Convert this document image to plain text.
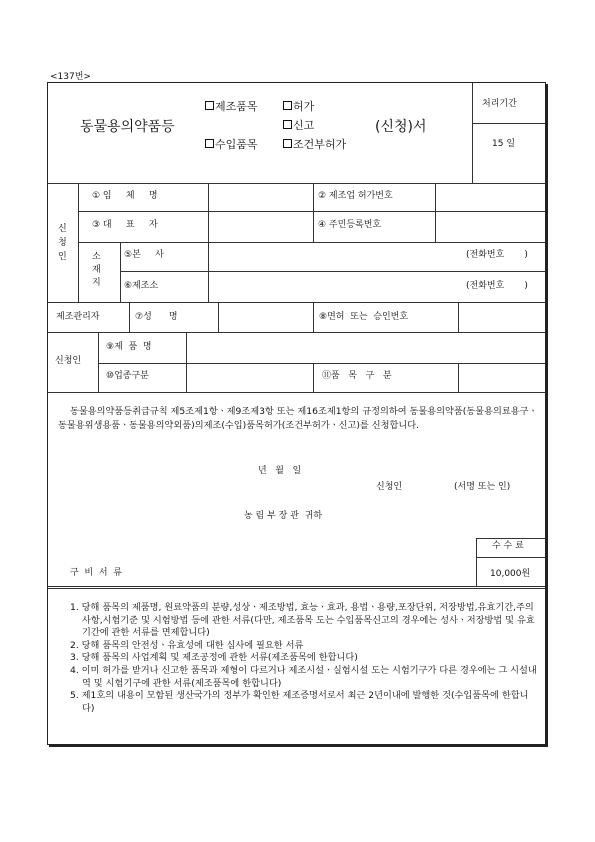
<137번>
동물용의약품등
제조품목	허가
신고
수입품목	조건부허가
(신청)서
처리기간
15 일
신
청
인
① 임     체     명	② 제조업 허가번호
③ 대     표     자	④ 주민등록번호
소
재
지
⑤본     사	(전화번호       )
⑥제조소	(전화번호       )
제조관리자	⑦성      명	⑧면허  또는  승인번호
신청인
⑨제  품  명
⑩업종구분	⑪품   목   구   분
동물용의약품등취급규칙 제5조제1항ㆍ제9조제3항 또는 제16조제1항의 규정의하여 동물용의약품(동물용의료용구ㆍ동물용위생용품ㆍ동물용의약외품)의제조(수입)품목허가(조건부허가ㆍ신고)를 신청합니다.
년   월   일
신청인	(서명 또는 인)
농 림 부 장 관  귀하
구  비  서  류
수 수 료
10,000원
1. 당해 품목의 제품명, 원료약품의 분량,성상ㆍ제조방법, 효능ㆍ효과, 용법ㆍ용량,포장단위, 저장방법,유효기간,주의사항,시험기준 및 시험방법 등에 관한 서류(다만, 제조품목 도는 수입품목신고의 경우에는 성사ㆍ저장방법 및 유효기간에 관한 서류를 면제합니다)
2. 당해 품목의 안전성ㆍ유효성에 대한 심사에 필요한 서류
3. 당해 품목의 사업계획 및 제조공정에 관한 서류(제조품목에 한합니다)
4. 이미 허가를 받거나 신고한 품목과 제형이 다르거나 제조시설ㆍ실험시설 도는 시험기구가 다른 경우에는 그 시설내역 및 시험기구에 관한 서류(제조품목에 한합니다)
5. 제1호의 내용이 모함된 생산국가의 정부가 확인한 제조증명서로서 최근 2년이내에 발행한 것(수입품목에 한합니다)
